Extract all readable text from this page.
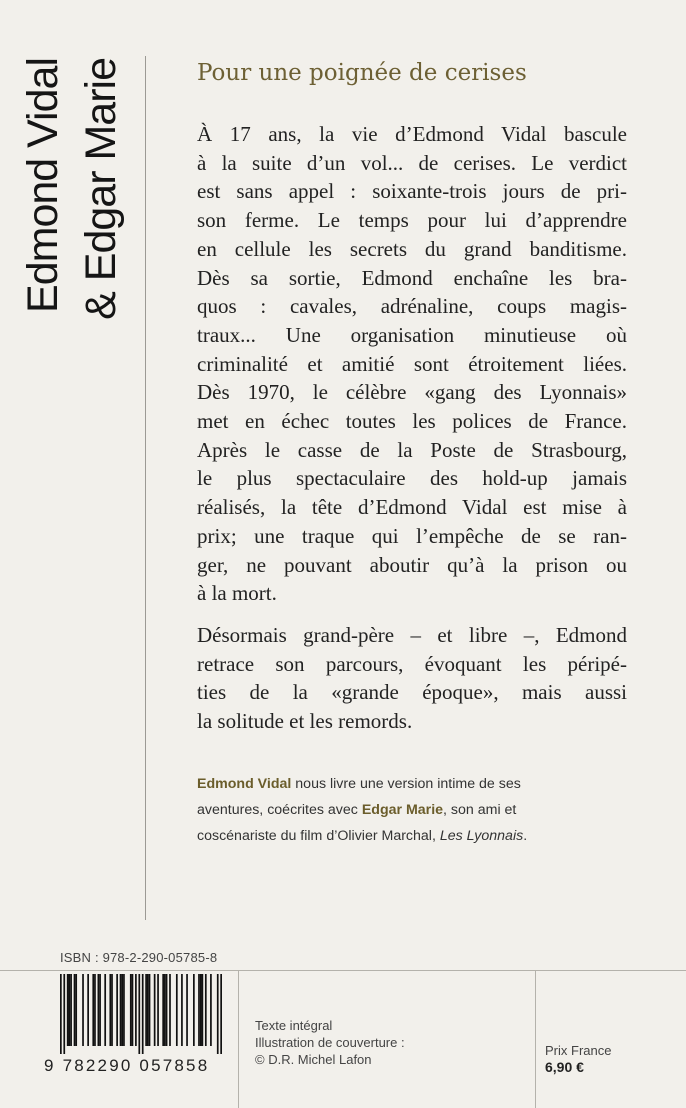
Edmond Vidal & Edgar Marie	Pour une poignée de cerises
À 17 ans, la vie d’Edmond Vidal bascule
à la suite d’un vol... de cerises. Le verdict
est sans appel : soixante-trois jours de pri-
son ferme. Le temps pour lui d’apprendre
en cellule les secrets du grand banditisme.
Dès sa sortie, Edmond enchaîne les bra-
quos : cavales, adrénaline, coups magis-
traux... Une organisation minutieuse où
criminalité et amitié sont étroitement liées.
Dès 1970, le célèbre «gang des Lyonnais»
met en échec toutes les polices de France.
Après le casse de la Poste de Strasbourg,
le plus spectaculaire des hold-up jamais
réalisés, la tête d’Edmond Vidal est mise à
prix; une traque qui l’empêche de se ran-
ger, ne pouvant aboutir qu’à la prison ou
à la mort.
Désormais grand-père – et libre –, Edmond
retrace son parcours, évoquant les péripé-
ties de la «grande époque», mais aussi
la solitude et les remords.
Edmond Vidal nous livre une version intime de ses
aventures, coécrites avec Edgar Marie, son ami et
coscénariste du film d’Olivier Marchal, Les Lyonnais.
ISBN : 978-2-290-05785-8
9 782290 057858
Texte intégral
Illustration de couverture :
© D.R. Michel Lafon
Prix France
6,90 €
